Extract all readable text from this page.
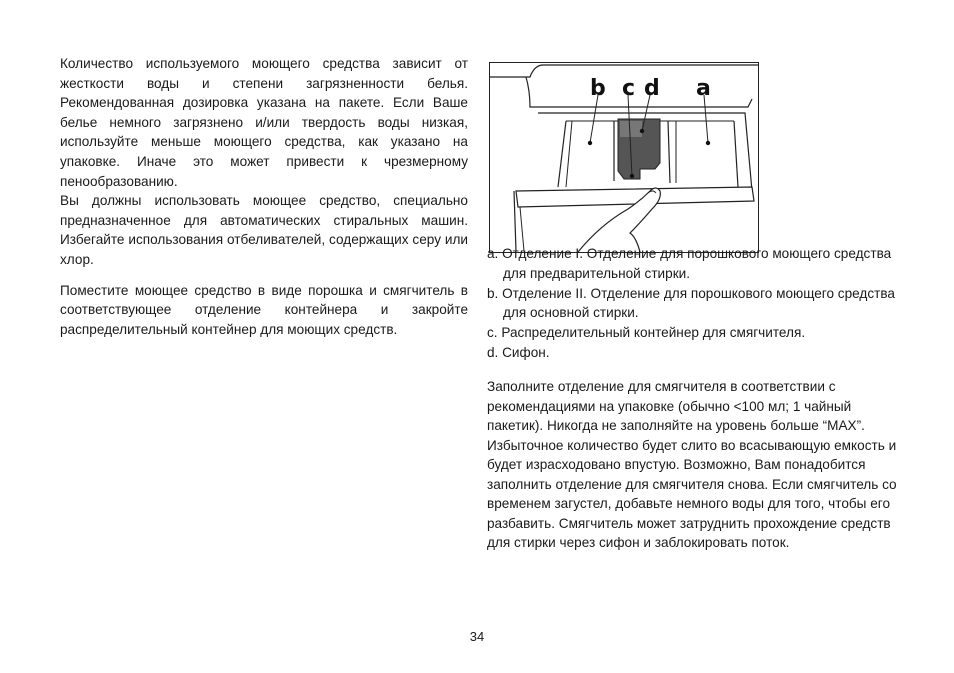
Количество используемого моющего средства зависит от жесткости воды и степени загрязненности белья. Рекомендованная дозировка указана на пакете. Если Ваше белье немного загрязнено и/или твердость воды низкая, используйте меньше моющего средства, как указано на упаковке. Иначе это может привести к чрезмерному пенообразованию.

Вы должны использовать моющее средство, специально предназначенное для автоматических стиральных машин. Избегайте использования отбеливателей, содержащих серу или хлор.

Поместите моющее средство в виде порошка и смягчитель в соответствующее отделение контейнера и закройте распределительный контейнер для моющих средств.

b c d a

a. Отделение I. Отделение для порошкового моющего средства для предварительной стирки.

b. Отделение II. Отделение для порошкового моющего средства для основной стирки.

c. Распределительный контейнер для смягчителя.

d. Сифон.

Заполните отделение для смягчителя в соответствии с рекомендациями на упаковке (обычно <100 мл; 1 чайный пакетик). Никогда не заполняйте на уровень больше “MAX”. Избыточное количество будет слито во всасывающую емкость и будет израсходовано впустую. Возможно, Вам понадобится заполнить отделение для смягчителя снова. Если смягчитель со временем загустел, добавьте немного воды для того, чтобы его разбавить. Смягчитель может затруднить прохождение средств для стирки через сифон и заблокировать поток.

34
